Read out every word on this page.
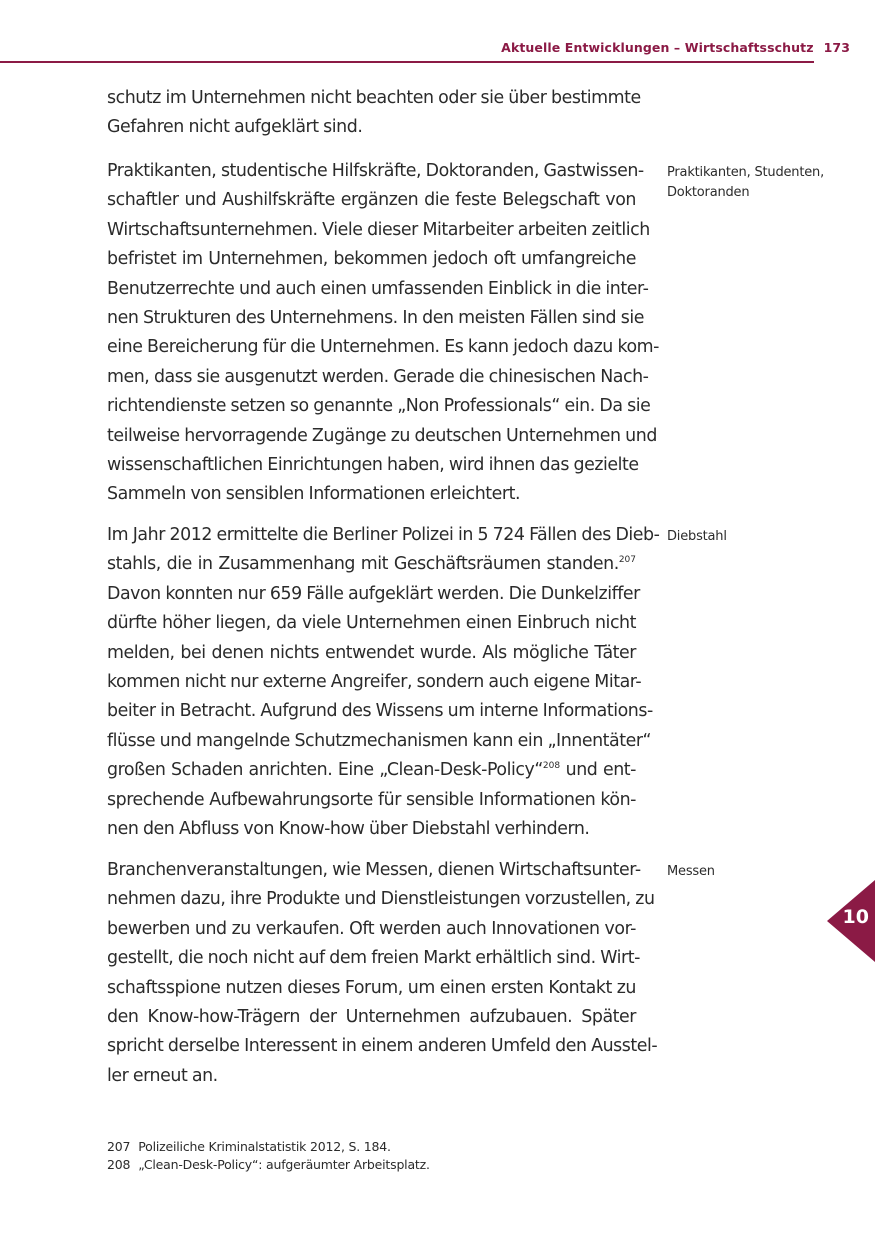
Aktuelle Entwicklungen – Wirtschaftsschutz 173
schutz im Unternehmen nicht beachten oder sie über bestimmte
Gefahren nicht aufgeklärt sind.
Praktikanten, studentische Hilfskräfte, Doktoranden, Gastwissen-
schaftler und Aushilfskräfte ergänzen die feste Belegschaft von
Wirtschaftsunternehmen. Viele dieser Mitarbeiter arbeiten zeitlich
befristet im Unternehmen, bekommen jedoch oft umfangreiche
Benutzerrechte und auch einen umfassenden Einblick in die inter-
nen Strukturen des Unternehmens. In den meisten Fällen sind sie
eine Bereicherung für die Unternehmen. Es kann jedoch dazu kom-
men, dass sie ausgenutzt werden. Gerade die chinesischen Nach-
richtendienste setzen so genannte „Non Professionals“ ein. Da sie
teilweise hervorragende Zugänge zu deutschen Unternehmen und
wissenschaftlichen Einrichtungen haben, wird ihnen das gezielte
Sammeln von sensiblen Informationen erleichtert.
Im Jahr 2012 ermittelte die Berliner Polizei in 5 724 Fällen des Dieb-
stahls, die in Zusammenhang mit Geschäftsräumen standen.$^{207}$
Davon konnten nur 659 Fälle aufgeklärt werden. Die Dunkelziffer
dürfte höher liegen, da viele Unternehmen einen Einbruch nicht
melden, bei denen nichts entwendet wurde. Als mögliche Täter
kommen nicht nur externe Angreifer, sondern auch eigene Mitar-
beiter in Betracht. Aufgrund des Wissens um interne Informations-
flüsse und mangelnde Schutzmechanismen kann ein „Innentäter“
großen Schaden anrichten. Eine „Clean-Desk-Policy“$^{208}$ und ent-
sprechende Aufbewahrungsorte für sensible Informationen kön-
nen den Abfluss von Know-how über Diebstahl verhindern.
Branchenveranstaltungen, wie Messen, dienen Wirtschaftsunter-
nehmen dazu, ihre Produkte und Dienstleistungen vorzustellen, zu
bewerben und zu verkaufen. Oft werden auch Innovationen vor-
gestellt, die noch nicht auf dem freien Markt erhältlich sind. Wirt-
schaftsspione nutzen dieses Forum, um einen ersten Kontakt zu
den Know-how-Trägern der Unternehmen aufzubauen. Später
spricht derselbe Interessent in einem anderen Umfeld den Ausstel-
ler erneut an.
Praktikanten, Studenten,
Doktoranden
Diebstahl
Messen
10
207 Polizeiliche Kriminalstatistik 2012, S. 184.
208 „Clean-Desk-Policy“: aufgeräumter Arbeitsplatz.
